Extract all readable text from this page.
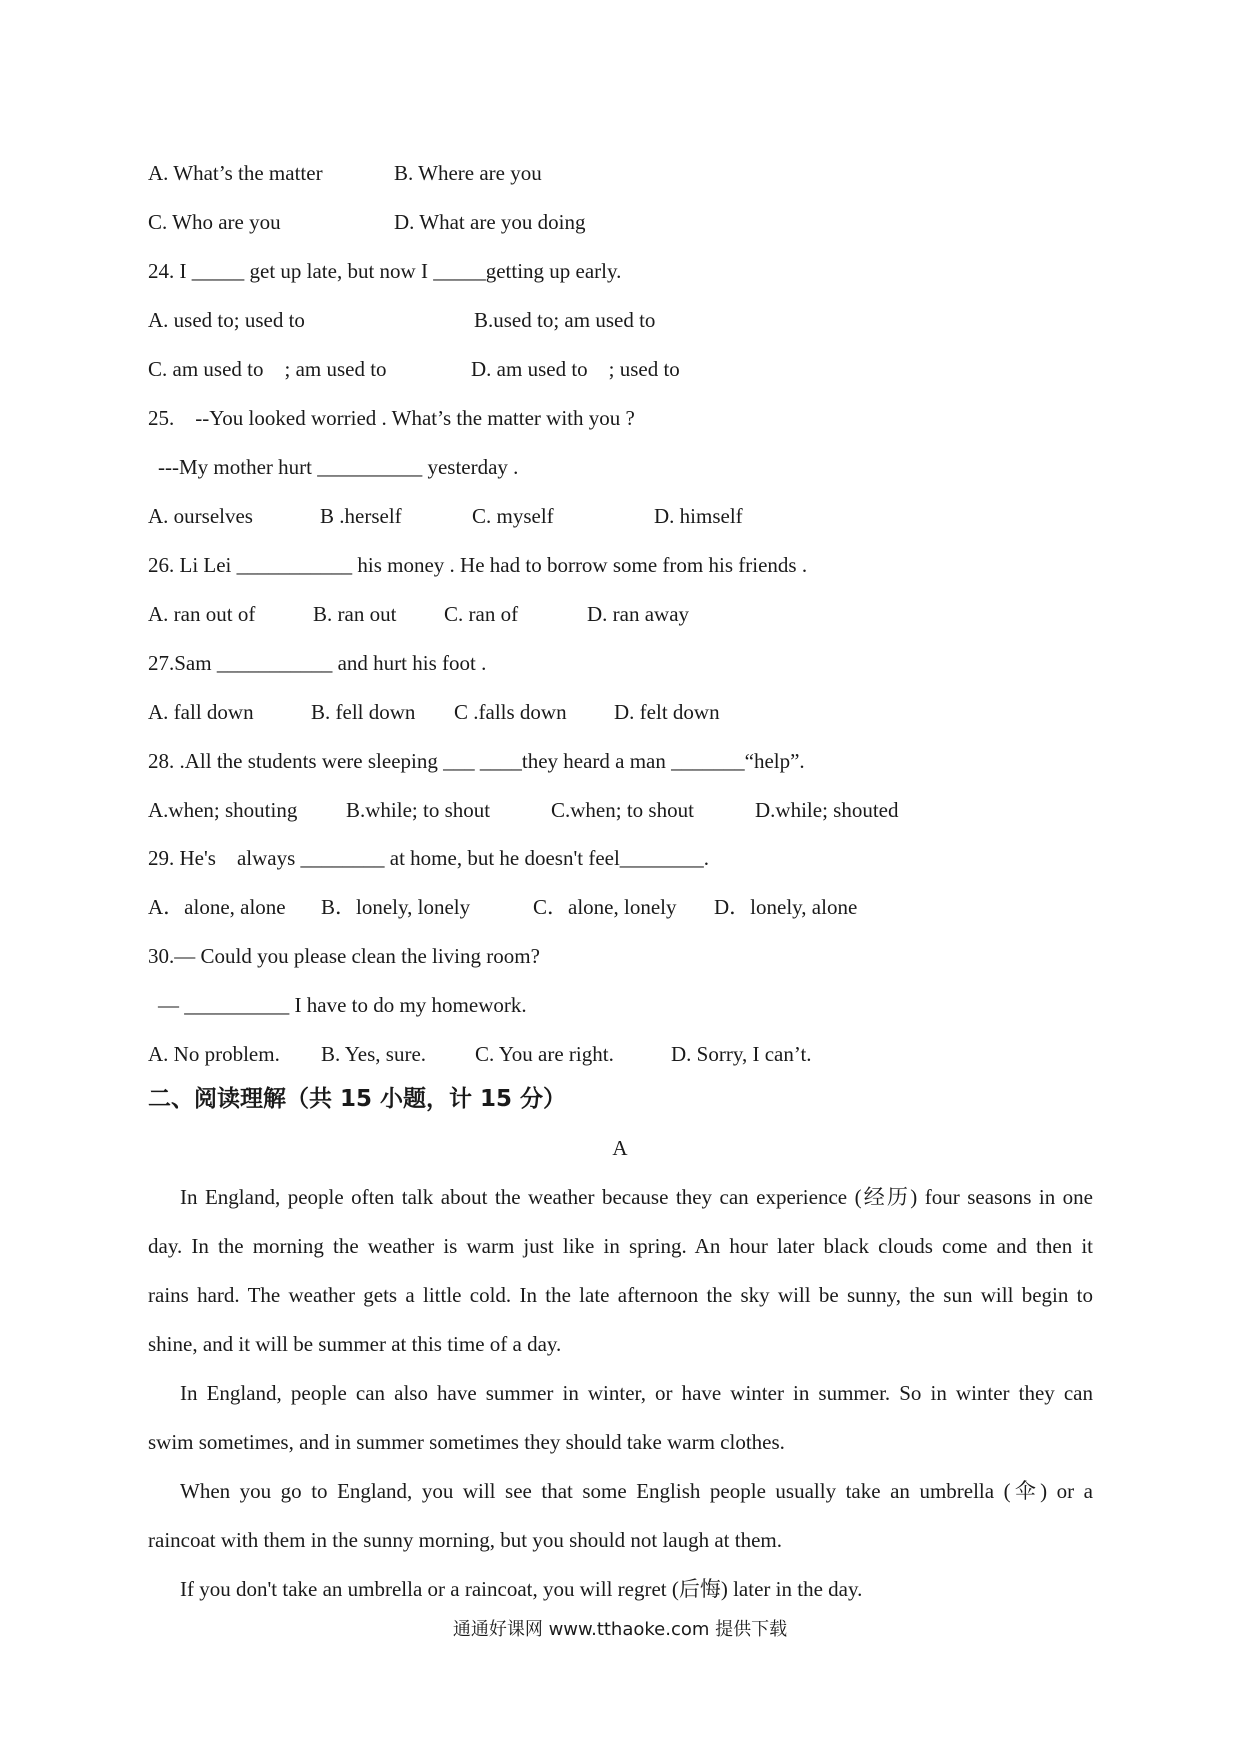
A. What’s the matter	B. Where are you
C. Who are you	D. What are you doing
24. I _____ get up late, but now I _____getting up early.
A. used to; used to	B.used to; am used to
C. am used to    ; am used to	D. am used to    ; used to
25.    --You looked worried . What’s the matter with you ?
---My mother hurt __________ yesterday .
A. ourselves	B .herself	C. myself	D. himself
26. Li Lei ___________ his money . He had to borrow some from his friends .
A. ran out of	B. ran out C. ran of	D. ran away
27.Sam ___________ and hurt his foot .
A. fall down	B. fell down C .falls down D. felt down
28. .All the students were sleeping ___ ____they heard a man _______“help”.
A.when; shouting B.while; to shout	C.when; to shout	D.while; shouted
29. He's    always ________ at home, but he doesn't feel________.
A．alone, alone B．lonely, lonely	C．alone, lonely D．lonely, alone
30.— Could you please clean the living room?
— __________ I have to do my homework.
A. No problem. B. Yes, sure. C. You are right.	D. Sorry, I can’t.
二、阅读理解（共 15 小题，计 15 分）
A
In England, people often talk about the weather because they can experience (经历) four seasons in one
day. In the morning the weather is warm just like in spring. An hour later black clouds come and then it
rains hard. The weather gets a little cold. In the late afternoon the sky will be sunny, the sun will begin to
shine, and it will be summer at this time of a day.
In England, people can also have summer in winter, or have winter in summer. So in winter they can
swim sometimes, and in summer sometimes they should take warm clothes.
When you go to England, you will see that some English people usually take an umbrella (伞) or a
raincoat with them in the sunny morning, but you should not laugh at them.
If you don't take an umbrella or a raincoat, you will regret (后悔) later in the day.
通通好课网 www.tthaoke.com 提供下载
